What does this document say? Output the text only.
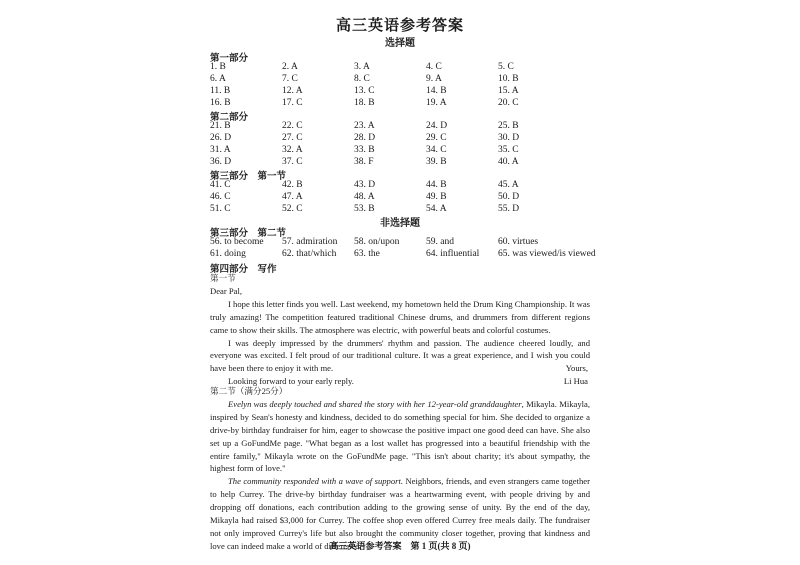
高三英语参考答案
选择题
第一部分
1. B	2. A	3. A	4. C	5. C
6. A	7. C	8. C	9. A	10. B
11. B	12. A	13. C	14. B	15. A
16. B	17. C	18. B	19. A	20. C
第二部分
21. B	22. C	23. A	24. D	25. B
26. D	27. C	28. D	29. C	30. D
31. A	32. A	33. B	34. C	35. C
36. D	37. C	38. F	39. B	40. A
第三部分　第一节
41. C	42. B	43. D	44. B	45. A
46. C	47. A	48. A	49. B	50. D
51. C	52. C	53. B	54. A	55. D
非选择题
第三部分　第二节
56. to become 57. admiration 58. on/upon	59. and	60. virtues
61. doing	62. that/which 63. the	64. influential 65. was viewed/is viewed
第四部分　写作

第一节

Dear Pal,

I hope this letter finds you well. Last weekend, my hometown held the Drum King Championship. It was truly amazing! The competition featured traditional Chinese drums, and drummers from different regions came to show their skills. The atmosphere was electric, with powerful beats and colorful costumes.

I was deeply impressed by the drummers' rhythm and passion. The audience cheered loudly, and everyone was excited. I felt proud of our traditional culture. It was a great experience, and I wish you could have been there to enjoy it with me.

Looking forward to your early reply.

Yours,
Li Hua

第二节（满分25分）

Evelyn was deeply touched and shared the story with her 12-year-old granddaughter, Mikayla. Mikayla, inspired by Sean's honesty and kindness, decided to do something special for him. She decided to organize a drive-by birthday fundraiser for him, eager to showcase the positive impact one good deed can have. She also set up a GoFundMe page. "What began as a lost wallet has progressed into a beautiful friendship with the entire family," Mikayla wrote on the GoFundMe page. "This isn't about charity; it's about sympathy, the highest form of love."

The community responded with a wave of support. Neighbors, friends, and even strangers came together to help Currey. The drive-by birthday fundraiser was a heartwarming event, with people driving by and dropping off donations, each contribution adding to the growing sense of unity. By the end of the day, Mikayla had raised $3,000 for Currey. The coffee shop even offered Currey free meals daily. The fundraiser not only improved Currey's life but also brought the community closer together, proving that kindness and love can indeed make a world of difference.

高三英语参考答案　第 1 页(共 8 页)
